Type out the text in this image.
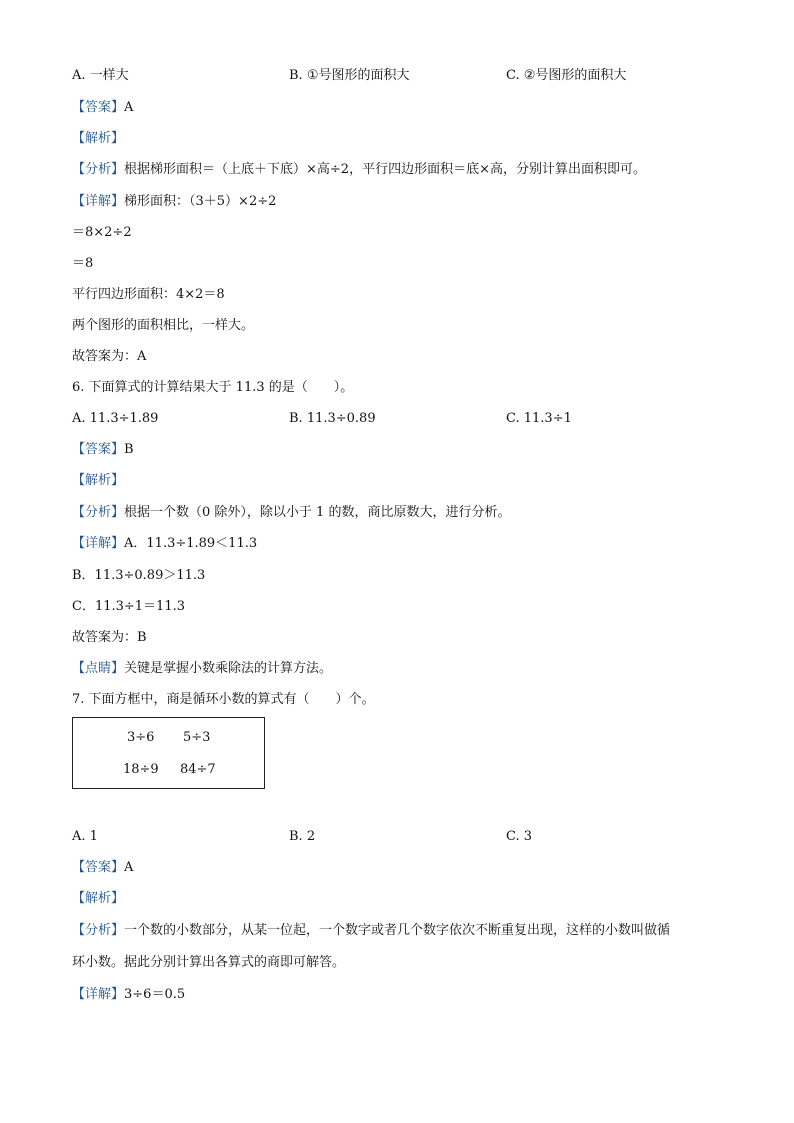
A. 一样大	B. ①号图形的面积大	C. ②号图形的面积大
【答案】A
【解析】
【分析】根据梯形面积＝（上底＋下底）×高÷2，平行四边形面积＝底×高，分别计算出面积即可。
【详解】梯形面积：（3＋5）×2÷2
＝8×2÷2
＝8
平行四边形面积：4×2＝8
两个图形的面积相比，一样大。
故答案为：A
6. 下面算式的计算结果大于 11.3 的是（　　）。
A. 11.3÷1.89	B. 11.3÷0.89	C. 11.3÷1
【答案】B
【解析】
【分析】根据一个数（0 除外），除以小于 1 的数，商比原数大，进行分析。
【详解】A．11.3÷1.89＜11.3
B．11.3÷0.89＞11.3
C．11.3÷1＝11.3
故答案为：B
【点睛】关键是掌握小数乘除法的计算方法。
7. 下面方框中，商是循环小数的算式有（　　）个。
3÷6 5÷3
18÷9 84÷7
A. 1	B. 2	C. 3
【答案】A
【解析】
【分析】一个数的小数部分，从某一位起，一个数字或者几个数字依次不断重复出现，这样的小数叫做循
环小数。据此分别计算出各算式的商即可解答。
【详解】3÷6＝0.5
